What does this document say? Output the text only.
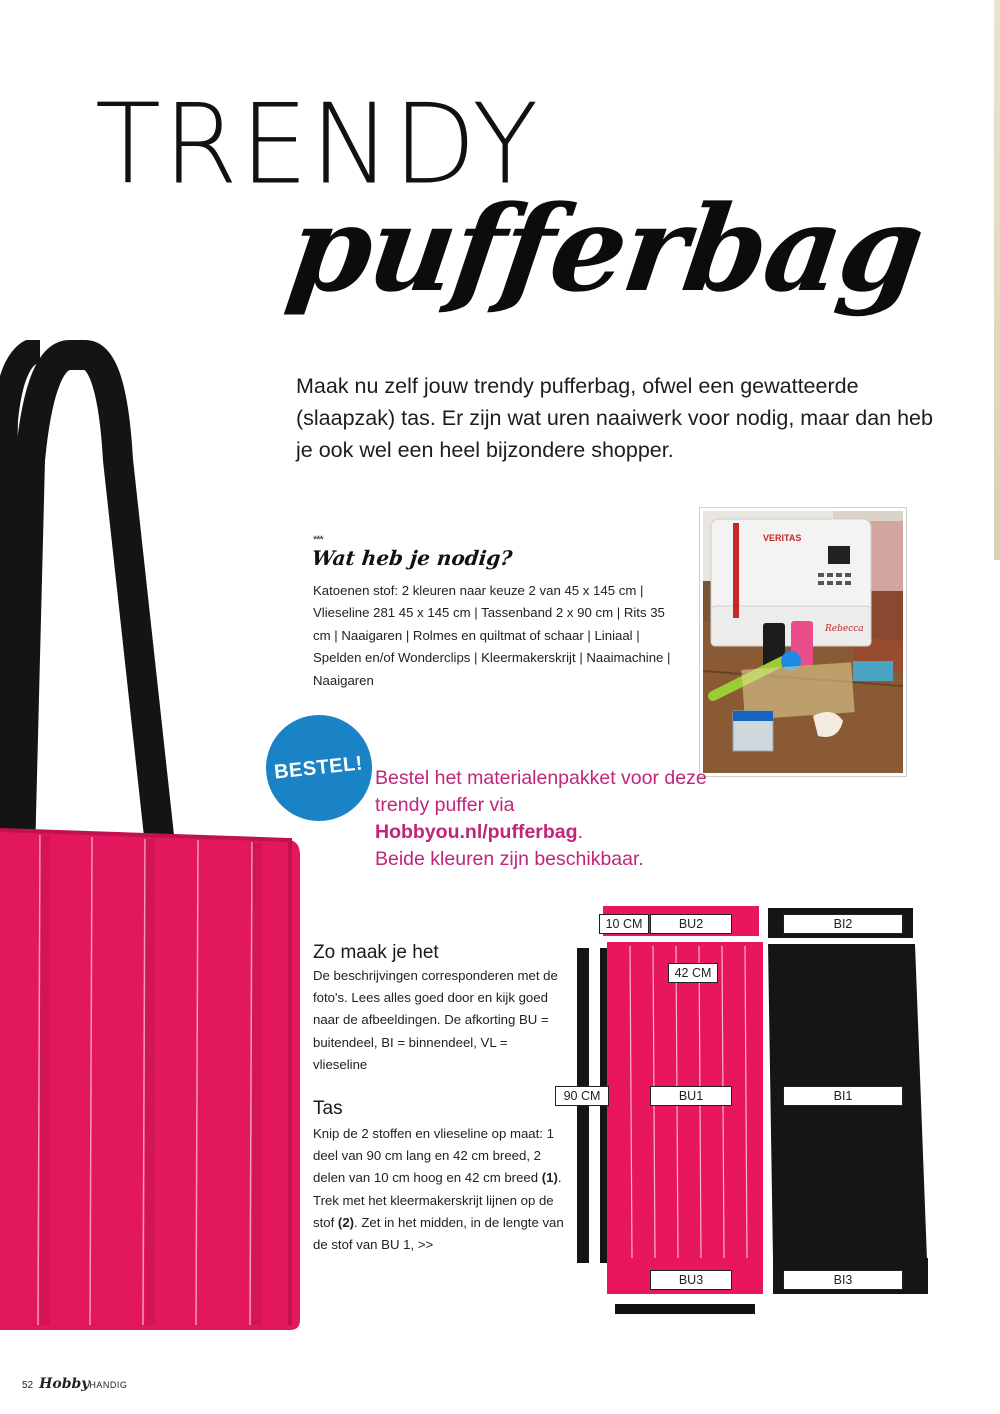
TRENDY
pufferbag

Maak nu zelf jouw trendy pufferbag, ofwel een gewatteerde (slaapzak) tas. Er zijn wat uren naaiwerk voor nodig, maar dan heb je ook wel een heel bijzondere shopper.

***
Wat heb je nodig?

Katoenen stof: 2 kleuren naar keuze 2 van 45 x 145 cm | Vlieseline 281 45 x 145 cm | Tassenband 2 x 90 cm | Rits 35 cm | Naaigaren | Rolmes en quiltmat of schaar | Liniaal | Spelden en/of Wonderclips | Kleermakerskrijt | Naaimachine | Naaigaren

VERITAS
Rebecca
BESTEL! Bestel het materialenpakket voor deze trendy puffer via
Hobbyou.nl/pufferbag.
Beide kleuren zijn beschikbaar.

Zo maak je het

De beschrijvingen corresponderen met de foto's. Lees alles goed door en kijk goed naar de afbeeldingen. De afkorting BU = buitendeel, BI = binnendeel, VL = vlieseline

Tas

Knip de 2 stoffen en vlieseline op maat: 1 deel van 90 cm lang en 42 cm breed, 2 delen van 10 cm hoog en 42 cm breed (1). Trek met het kleermakerskrijt lijnen op de stof (2). Zet in het midden, in de lengte van de stof van BU 1, >>

10 CM	BU2	BI2
42 CM
90 CM	BU1	BI1
BU3	BI3
52 Hobby HANDIG
